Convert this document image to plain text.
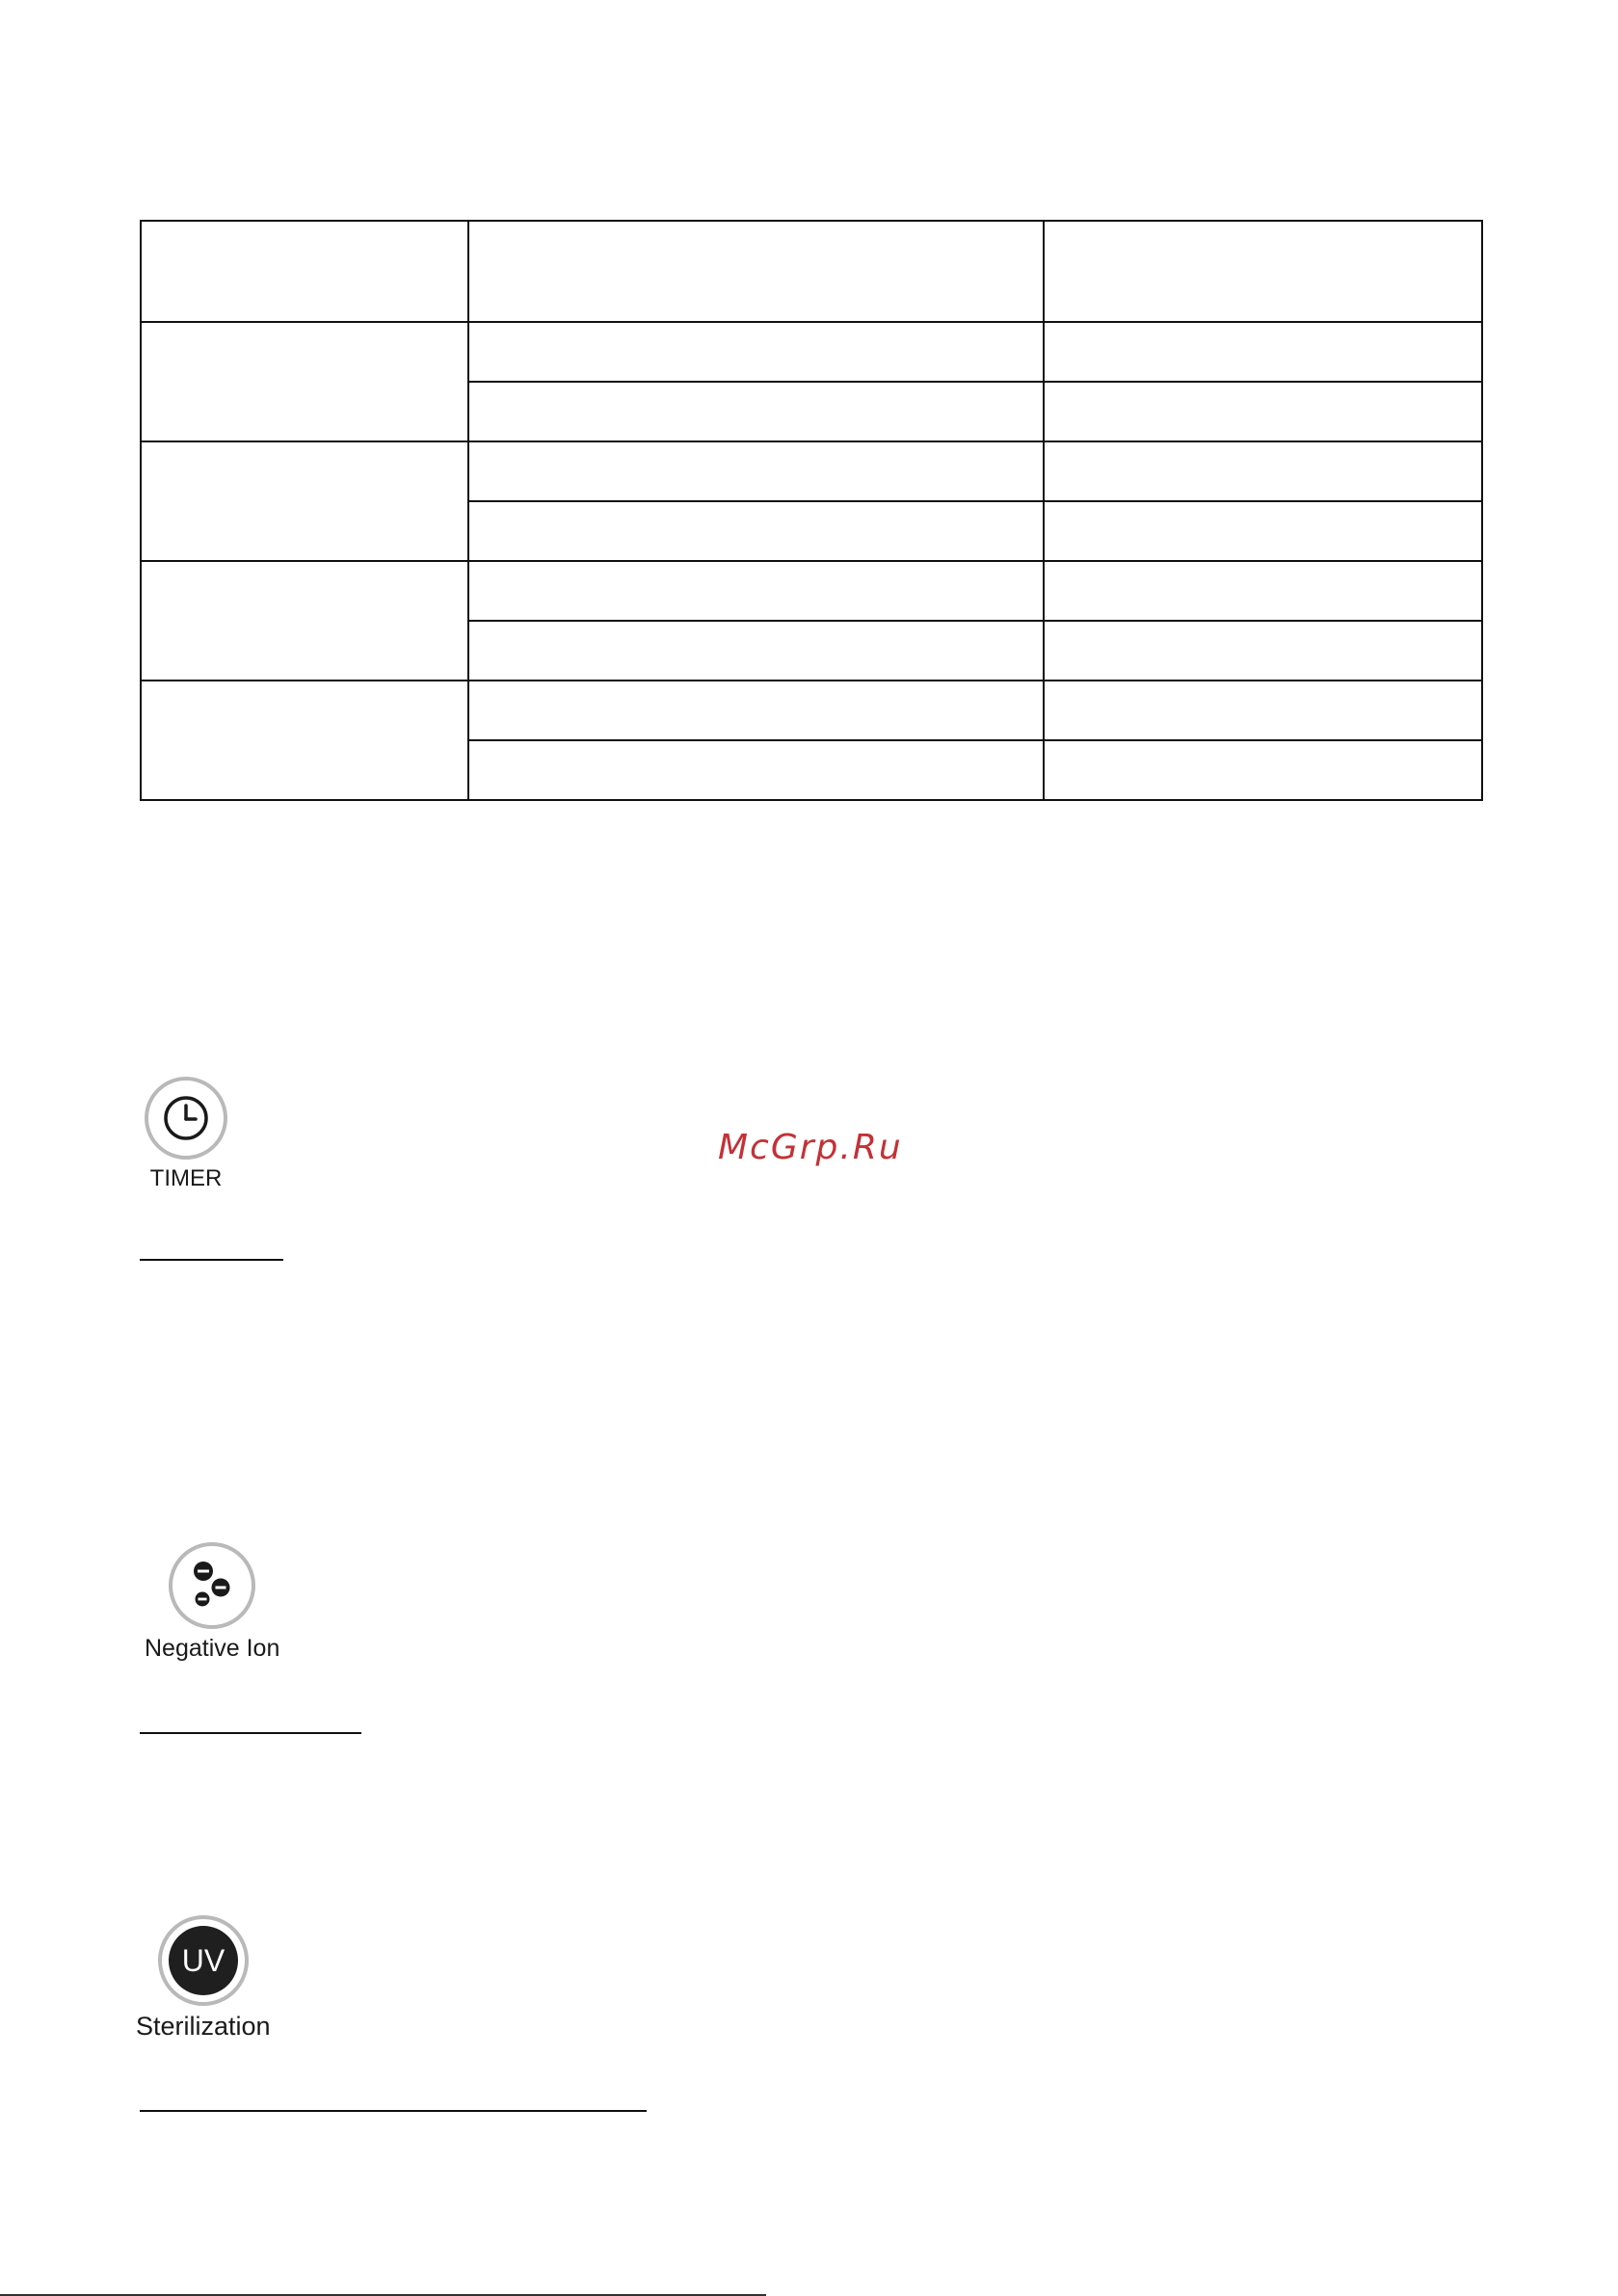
McGrp.Ru
TIMER
Negative Ion
UV
Sterilization
